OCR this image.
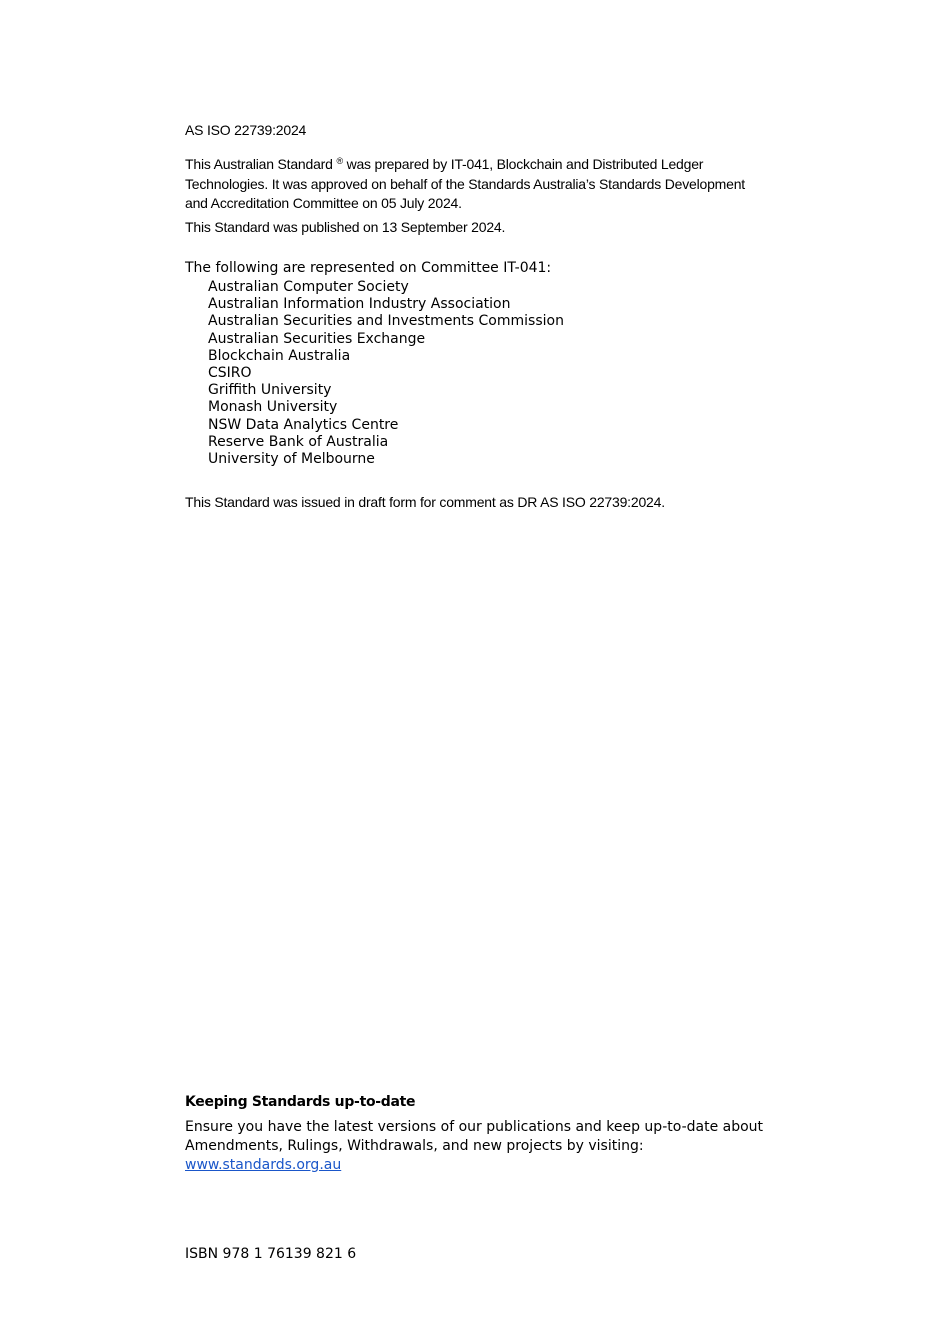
AS ISO 22739:2024
This Australian Standard ® was prepared by IT-041, Blockchain and Distributed Ledger Technologies. It was approved on behalf of the Standards Australia’s Standards Development and Accreditation Committee on 05 July 2024.
This Standard was published on 13 September 2024.
The following are represented on Committee IT-041:
Australian Computer Society
Australian Information Industry Association
Australian Securities and Investments Commission
Australian Securities Exchange
Blockchain Australia
CSIRO
Griffith University
Monash University
NSW Data Analytics Centre
Reserve Bank of Australia
University of Melbourne
This Standard was issued in draft form for comment as DR AS ISO 22739:2024.
Keeping Standards up-to-date
Ensure you have the latest versions of our publications and keep up-to-date about Amendments, Rulings, Withdrawals, and new projects by visiting:
www.standards.org.au
ISBN 978 1 76139 821 6
